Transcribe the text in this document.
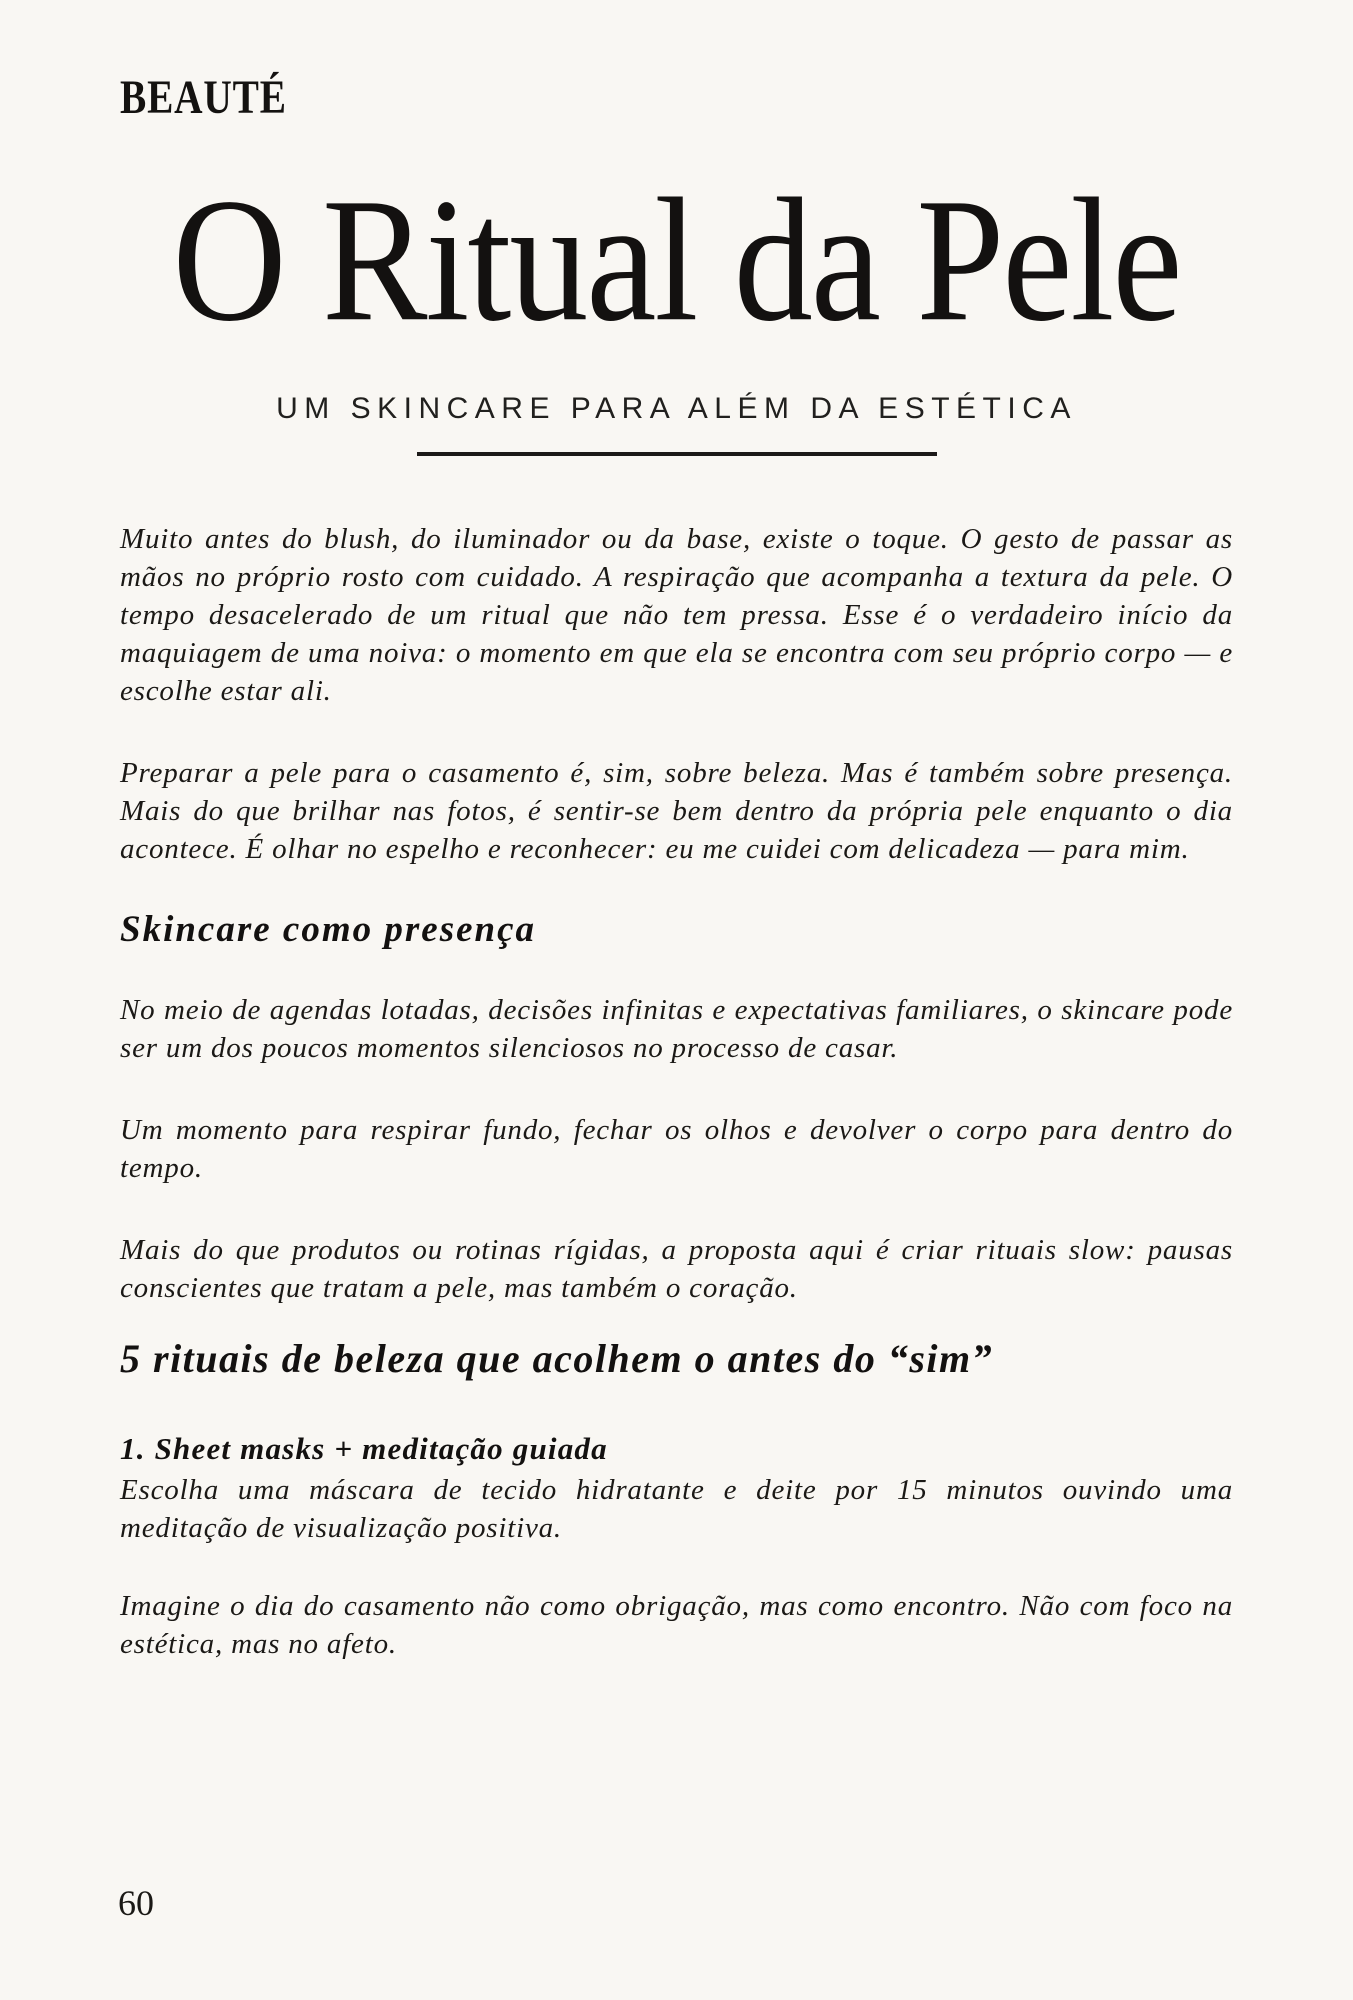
BEAUTÉ
O Ritual da Pele
UM SKINCARE PARA ALÉM DA ESTÉTICA

Muito antes do blush, do iluminador ou da base, existe o toque. O gesto de passar as mãos no próprio rosto com cuidado. A respiração que acompanha a textura da pele. O tempo desacelerado de um ritual que não tem pressa. Esse é o verdadeiro início da maquiagem de uma noiva: o momento em que ela se encontra com seu próprio corpo — e escolhe estar ali.

Preparar a pele para o casamento é, sim, sobre beleza. Mas é também sobre presença. Mais do que brilhar nas fotos, é sentir-se bem dentro da própria pele enquanto o dia acontece. É olhar no espelho e reconhecer: eu me cuidei com delicadeza — para mim.

Skincare como presença

No meio de agendas lotadas, decisões infinitas e expectativas familiares, o skincare pode ser um dos poucos momentos silenciosos no processo de casar.

Um momento para respirar fundo, fechar os olhos e devolver o corpo para dentro do tempo.

Mais do que produtos ou rotinas rígidas, a proposta aqui é criar rituais slow: pausas conscientes que tratam a pele, mas também o coração.

5 rituais de beleza que acolhem o antes do “sim”
1. Sheet masks + meditação guiada

Escolha uma máscara de tecido hidratante e deite por 15 minutos ouvindo uma meditação de visualização positiva.

Imagine o dia do casamento não como obrigação, mas como encontro. Não com foco na estética, mas no afeto.

60
